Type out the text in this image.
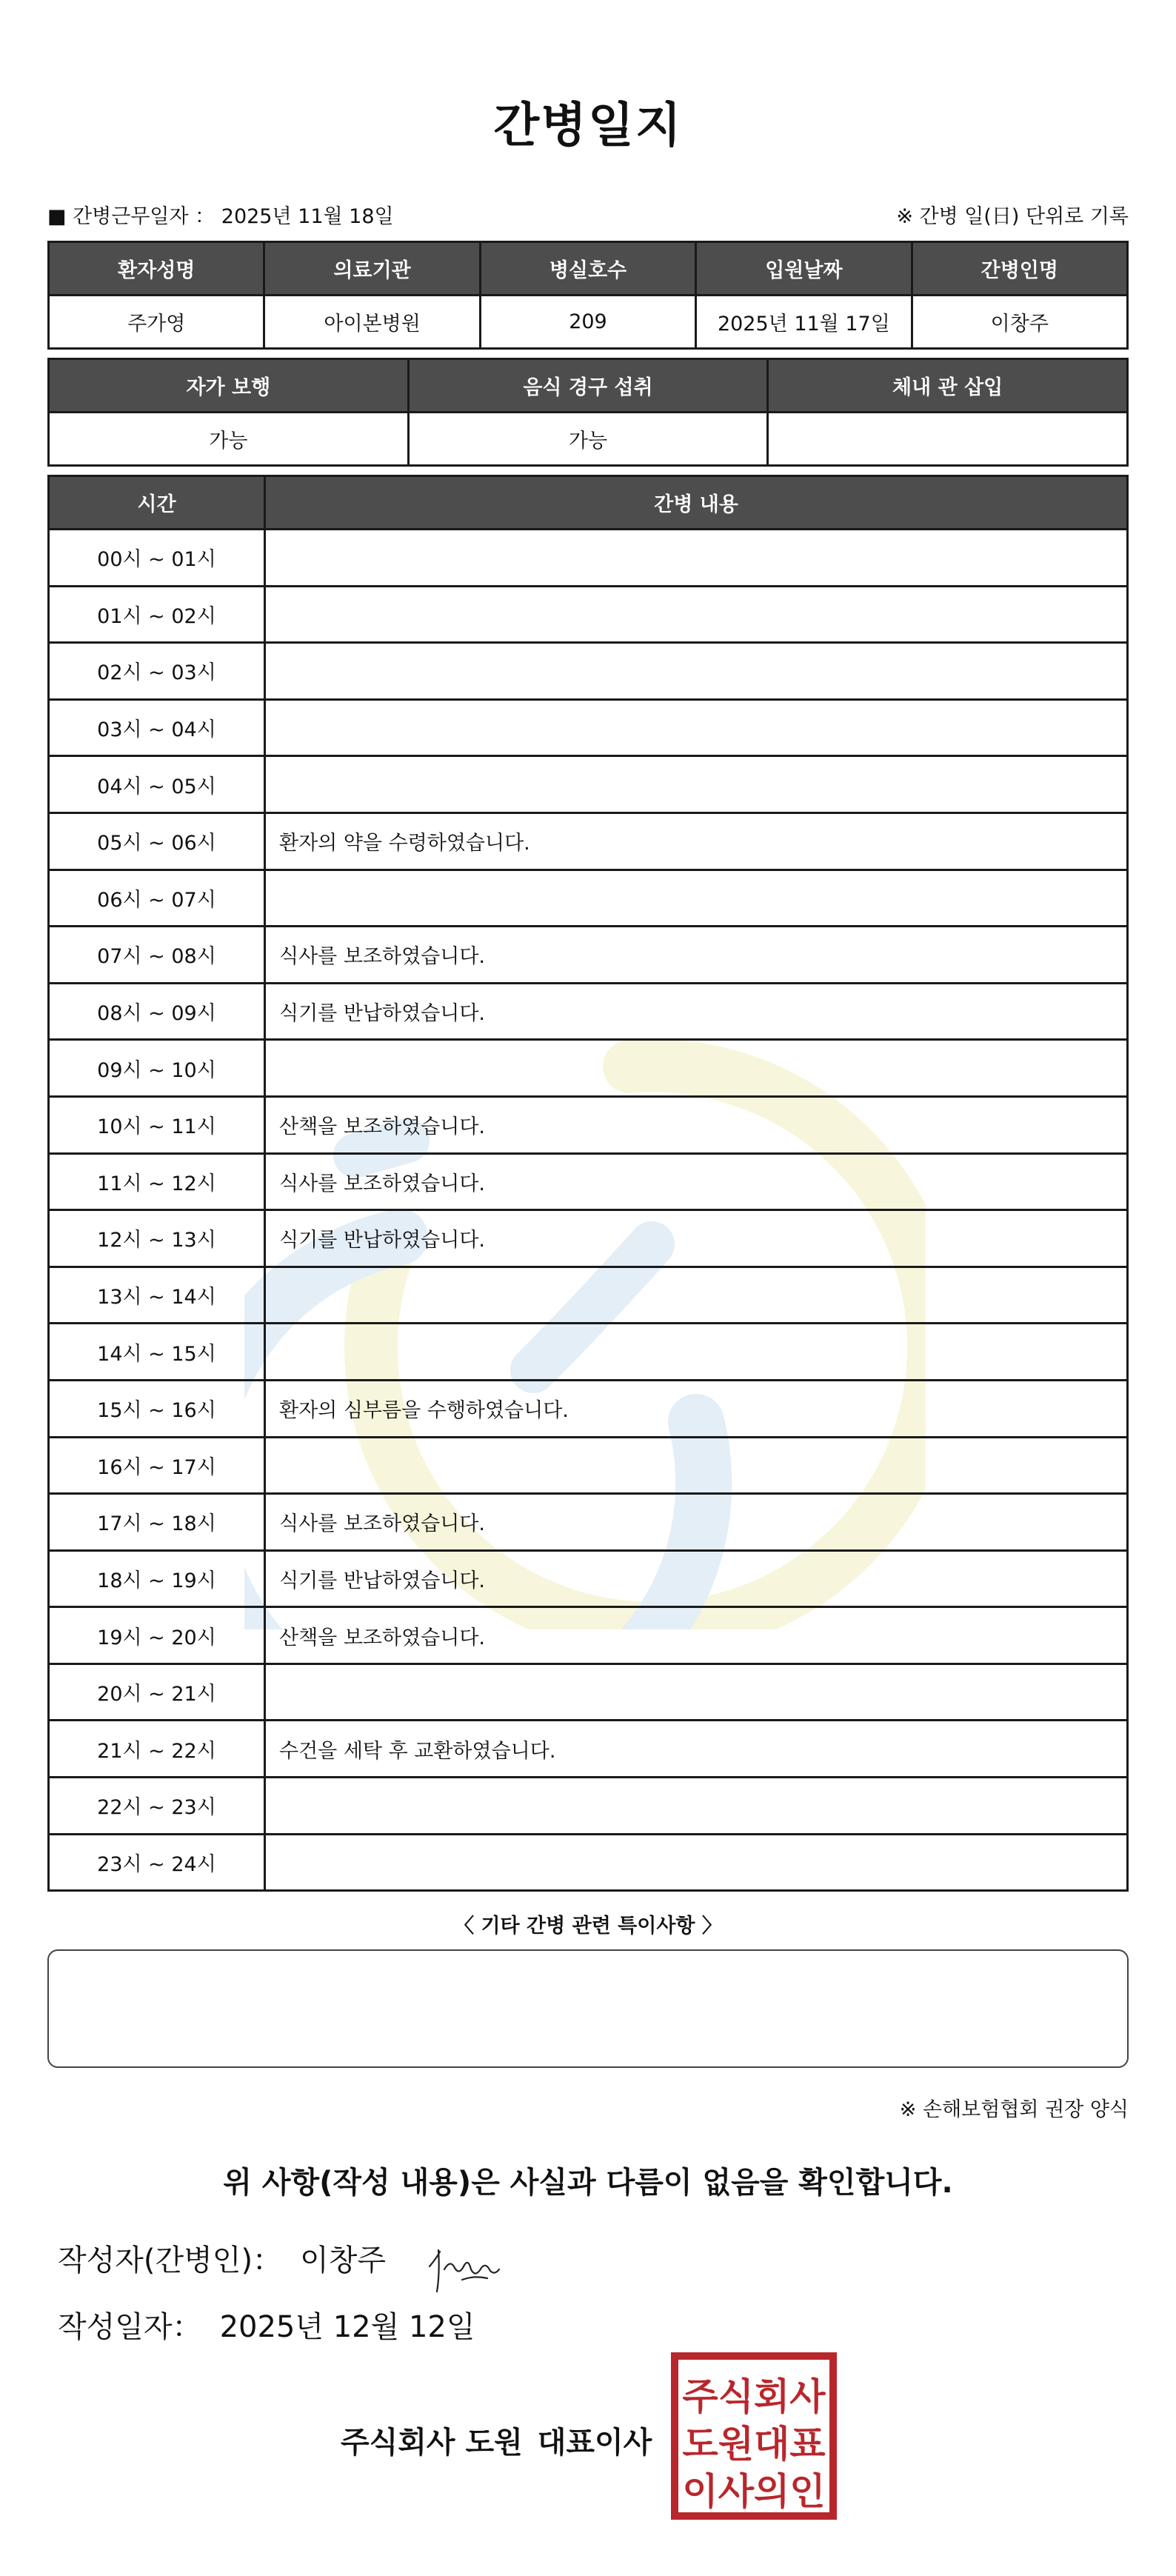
간병일지
■ 간병근무일자 ： 2025년 11월 18일	※ 간병 일(日) 단위로 기록
환자성명	의료기관	병실호수	입원날짜	간병인명
주가영	아이본병원	209	2025년 11월 17일	이창주
자가 보행	음식 경구 섭취	체내 관 삽입
가능	가능	
시간	간병 내용
00시 ~ 01시	
01시 ~ 02시	
02시 ~ 03시	
03시 ~ 04시	
04시 ~ 05시	
05시 ~ 06시	환자의 약을 수령하였습니다.
06시 ~ 07시	
07시 ~ 08시	식사를 보조하였습니다.
08시 ~ 09시	식기를 반납하였습니다.
09시 ~ 10시	
10시 ~ 11시	산책을 보조하였습니다.
11시 ~ 12시	식사를 보조하였습니다.
12시 ~ 13시	식기를 반납하였습니다.
13시 ~ 14시	
14시 ~ 15시	
15시 ~ 16시	환자의 심부름을 수행하였습니다.
16시 ~ 17시	
17시 ~ 18시	식사를 보조하였습니다.
18시 ~ 19시	식기를 반납하였습니다.
19시 ~ 20시	산책을 보조하였습니다.
20시 ~ 21시	
21시 ~ 22시	수건을 세탁 후 교환하였습니다.
22시 ~ 23시	
23시 ~ 24시	
〈 기타 간병 관련 특이사항 〉
※ 손해보험협회 권장 양식
위 사항(작성 내용)은 사실과 다름이 없음을 확인합니다.
작성자(간병인)： 이창주
작성일자： 2025년 12월 12일
주식회사 도원 대표이사
주식회사
도원대표
이사의인
